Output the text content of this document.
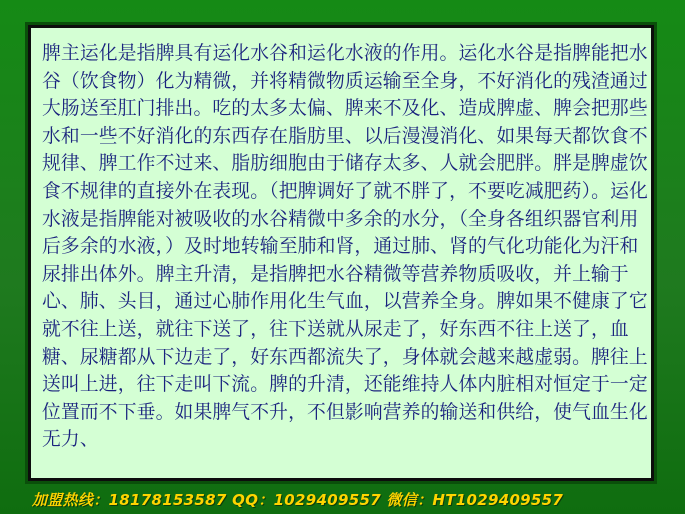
脾主运化是指脾具有运化水谷和运化水液的作用。运化水谷是指脾能把水谷（饮食物）化为精微，并将精微物质运输至全身，不好消化的残渣通过大肠送至肛门排出。吃的太多太偏、脾来不及化、造成脾虚、脾会把那些水和一些不好消化的东西存在脂肪里、以后漫漫消化、如果每天都饮食不规律、脾工作不过来、脂肪细胞由于储存太多、人就会肥胖。胖是脾虚饮食不规律的直接外在表现。（把脾调好了就不胖了，不要吃减肥药）。运化水液是指脾能对被吸收的水谷精微中多余的水分，（全身各组织器官利用后多余的水液，）及时地转输至肺和肾，通过肺、肾的气化功能化为汗和尿排出体外。脾主升清，是指脾把水谷精微等营养物质吸收，并上输于心、肺、头目，通过心肺作用化生气血，以营养全身。脾如果不健康了它就不往上送，就往下送了，往下送就从尿走了，好东西不往上送了，血糖、尿糖都从下边走了，好东西都流失了，身体就会越来越虚弱。脾往上送叫上进，往下走叫下流。脾的升清，还能维持人体内脏相对恒定于一定位置而不下垂。如果脾气不升，不但影响营养的输送和供给，使气血生化无力、
加盟热线：18178153587 QQ：1029409557 微信：HT1029409557
